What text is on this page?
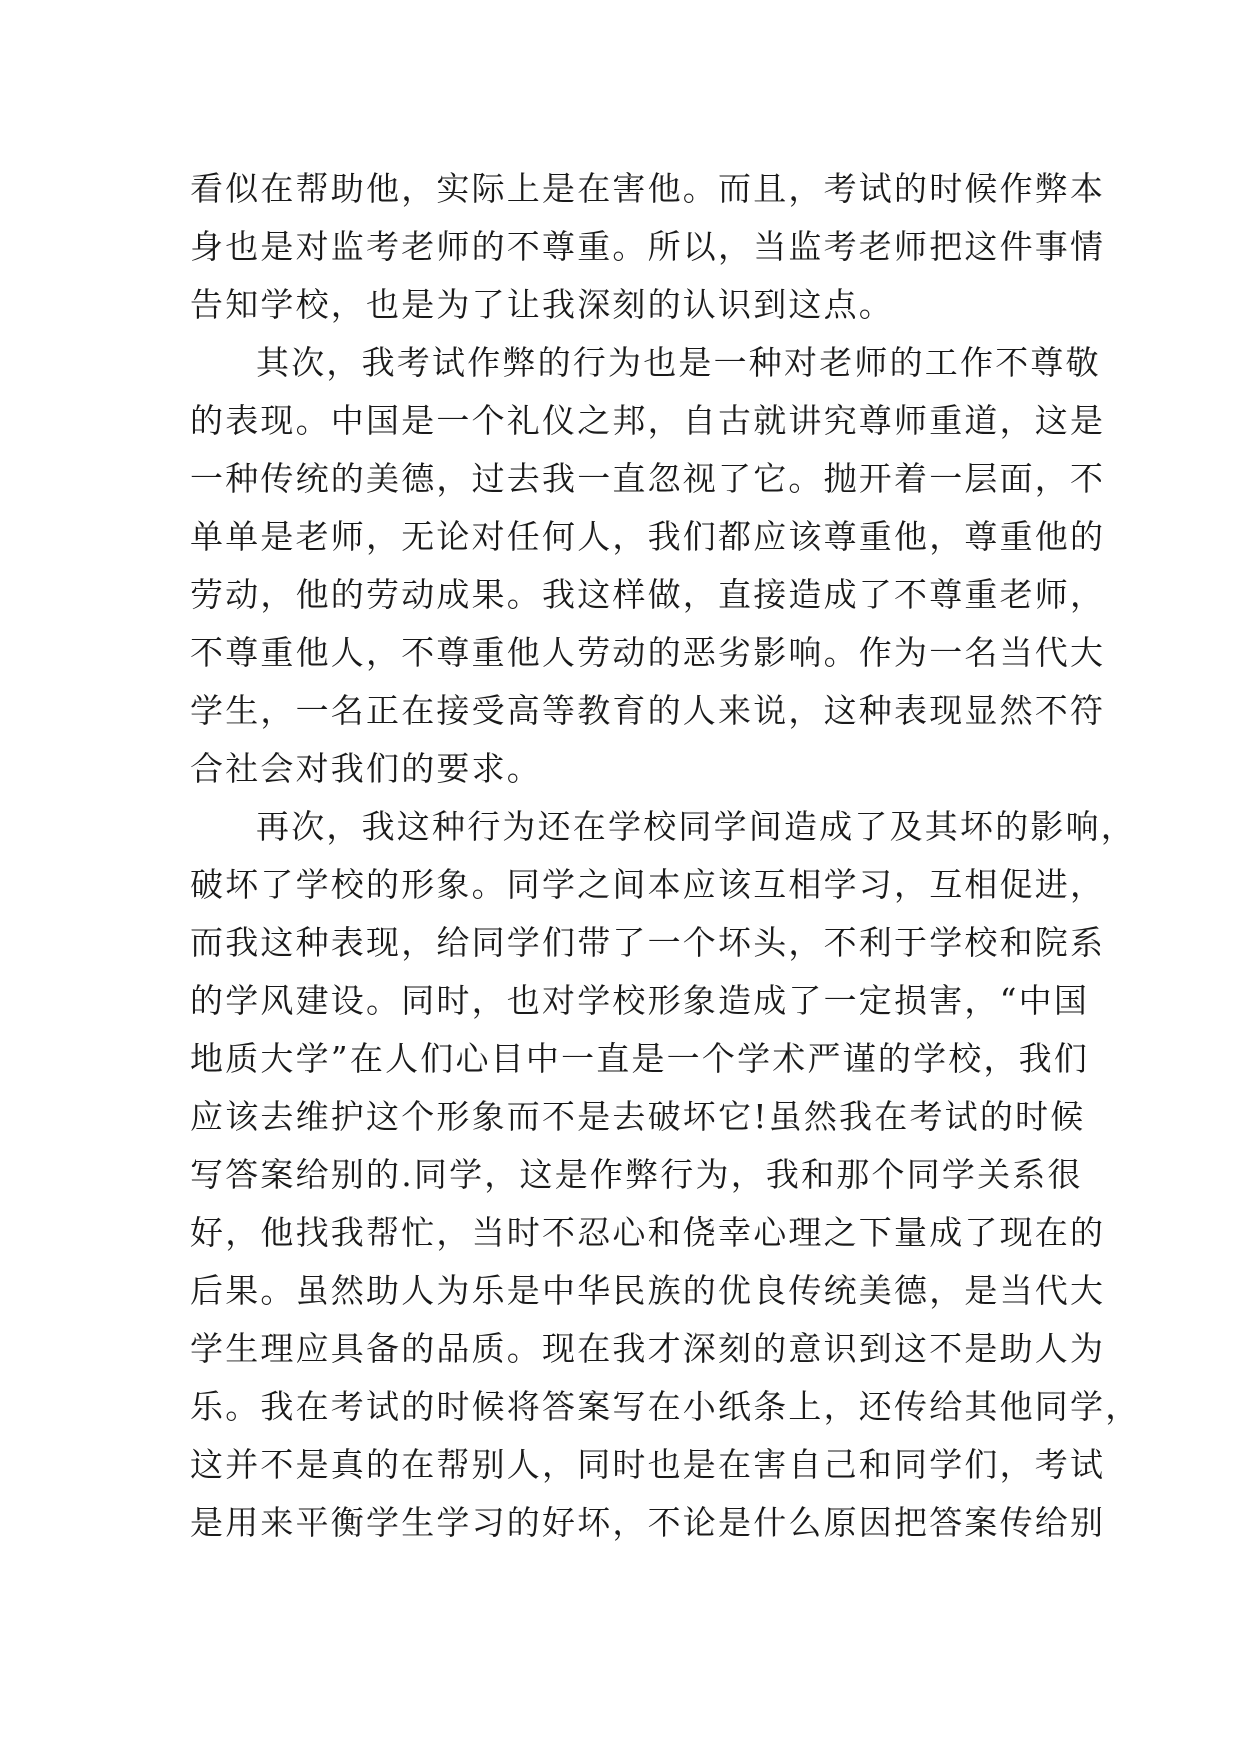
看似在帮助他，实际上是在害他。而且，考试的时候作弊本
身也是对监考老师的不尊重。所以，当监考老师把这件事情
告知学校，也是为了让我深刻的认识到这点。
其次，我考试作弊的行为也是一种对老师的工作不尊敬
的表现。中国是一个礼仪之邦，自古就讲究尊师重道，这是
一种传统的美德，过去我一直忽视了它。抛开着一层面，不
单单是老师，无论对任何人，我们都应该尊重他，尊重他的
劳动，他的劳动成果。我这样做，直接造成了不尊重老师，
不尊重他人，不尊重他人劳动的恶劣影响。作为一名当代大
学生，一名正在接受高等教育的人来说，这种表现显然不符
合社会对我们的要求。
再次，我这种行为还在学校同学间造成了及其坏的影响，
破坏了学校的形象。同学之间本应该互相学习，互相促进，
而我这种表现，给同学们带了一个坏头，不利于学校和院系
的学风建设。同时，也对学校形象造成了一定损害，“中国
地质大学”在人们心目中一直是一个学术严谨的学校，我们
应该去维护这个形象而不是去破坏它!虽然我在考试的时候
写答案给别的.同学，这是作弊行为，我和那个同学关系很
好，他找我帮忙，当时不忍心和侥幸心理之下量成了现在的
后果。虽然助人为乐是中华民族的优良传统美德，是当代大
学生理应具备的品质。现在我才深刻的意识到这不是助人为
乐。我在考试的时候将答案写在小纸条上，还传给其他同学，
这并不是真的在帮别人，同时也是在害自己和同学们，考试
是用来平衡学生学习的好坏，不论是什么原因把答案传给别
